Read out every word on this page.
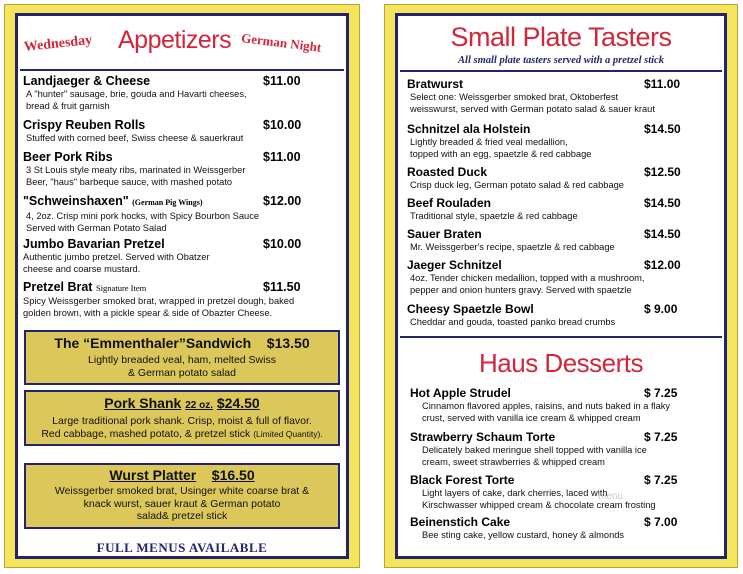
Wednesday Appetizers German Night
Landjaeger & Cheese	$11.00
A "hunter" sausage, brie, gouda and Havarti cheeses,
bread & fruit garnish
Crispy Reuben Rolls	$10.00
Stuffed with corned beef, Swiss cheese & sauerkraut
Beer Pork Ribs	$11.00
3 St Louis style meaty ribs, marinated in Weissgerber
Beer, "haus" barbeque sauce, with mashed potato
"Schweinshaxen" (German Pig Wings)	$12.00
4, 2oz. Crisp mini pork hocks, with Spicy Bourbon Sauce
Served with German Potato Salad
Jumbo Bavarian Pretzel	$10.00
Authentic jumbo pretzel. Served with Obatzer
cheese and coarse mustard.
Pretzel Brat Signature Item	$11.50
Spicy Weissgerber smoked brat, wrapped in pretzel dough, baked
golden brown, with a pickle spear & side of Obazter Cheese.
The “Emmenthaler”Sandwich $13.50
Lightly breaded veal, ham, melted Swiss
& German potato salad
Pork Shank 22 oz. $24.50
Large traditional pork shank. Crisp, moist & full of flavor.
Red cabbage, mashed potato, & pretzel stick (Limited Quantity).
Wurst Platter $16.50
Weissgerber smoked brat, Usinger white coarse brat &
knack wurst, sauer kraut & German potato
salad& pretzel stick
FULL MENUS AVAILABLE
Small Plate Tasters
All small plate tasters served with a pretzel stick
Bratwurst	$11.00
Select one: Weissgerber smoked brat, Oktoberfest
weisswurst, served with German potato salad & sauer kraut
Schnitzel ala Holstein	$14.50
Lightly breaded & fried veal medallion,
topped with an egg, spaetzle & red cabbage
Roasted Duck	$12.50
Crisp duck leg, German potato salad & red cabbage
Beef Rouladen	$14.50
Traditional style, spaetzle & red cabbage
Sauer Braten	$14.50
Mr. Weissgerber's recipe, spaetzle & red cabbage
Jaeger Schnitzel	$12.00
4oz. Tender chicken medallion, topped with a mushroom,
pepper and onion hunters gravy. Served with spaetzle
Cheesy Spaetzle Bowl	$ 9.00
Cheddar and gouda, toasted panko bread crumbs
Haus Desserts
Hot Apple Strudel	$ 7.25
Cinnamon flavored apples, raisins, and nuts baked in a flaky
crust, served with vanilla ice cream & whipped cream
Strawberry Schaum Torte	$ 7.25
Delicately baked meringue shell topped with vanilla ice
cream, sweet strawberries & whipped cream
Black Forest Torte	$ 7.25
Light layers of cake, dark cherries, laced with
Kirschwasser whipped cream & chocolate cream frosting
Beinenstich Cake	$ 7.00
Bee sting cake, yellow custard, honey & almonds
menu
